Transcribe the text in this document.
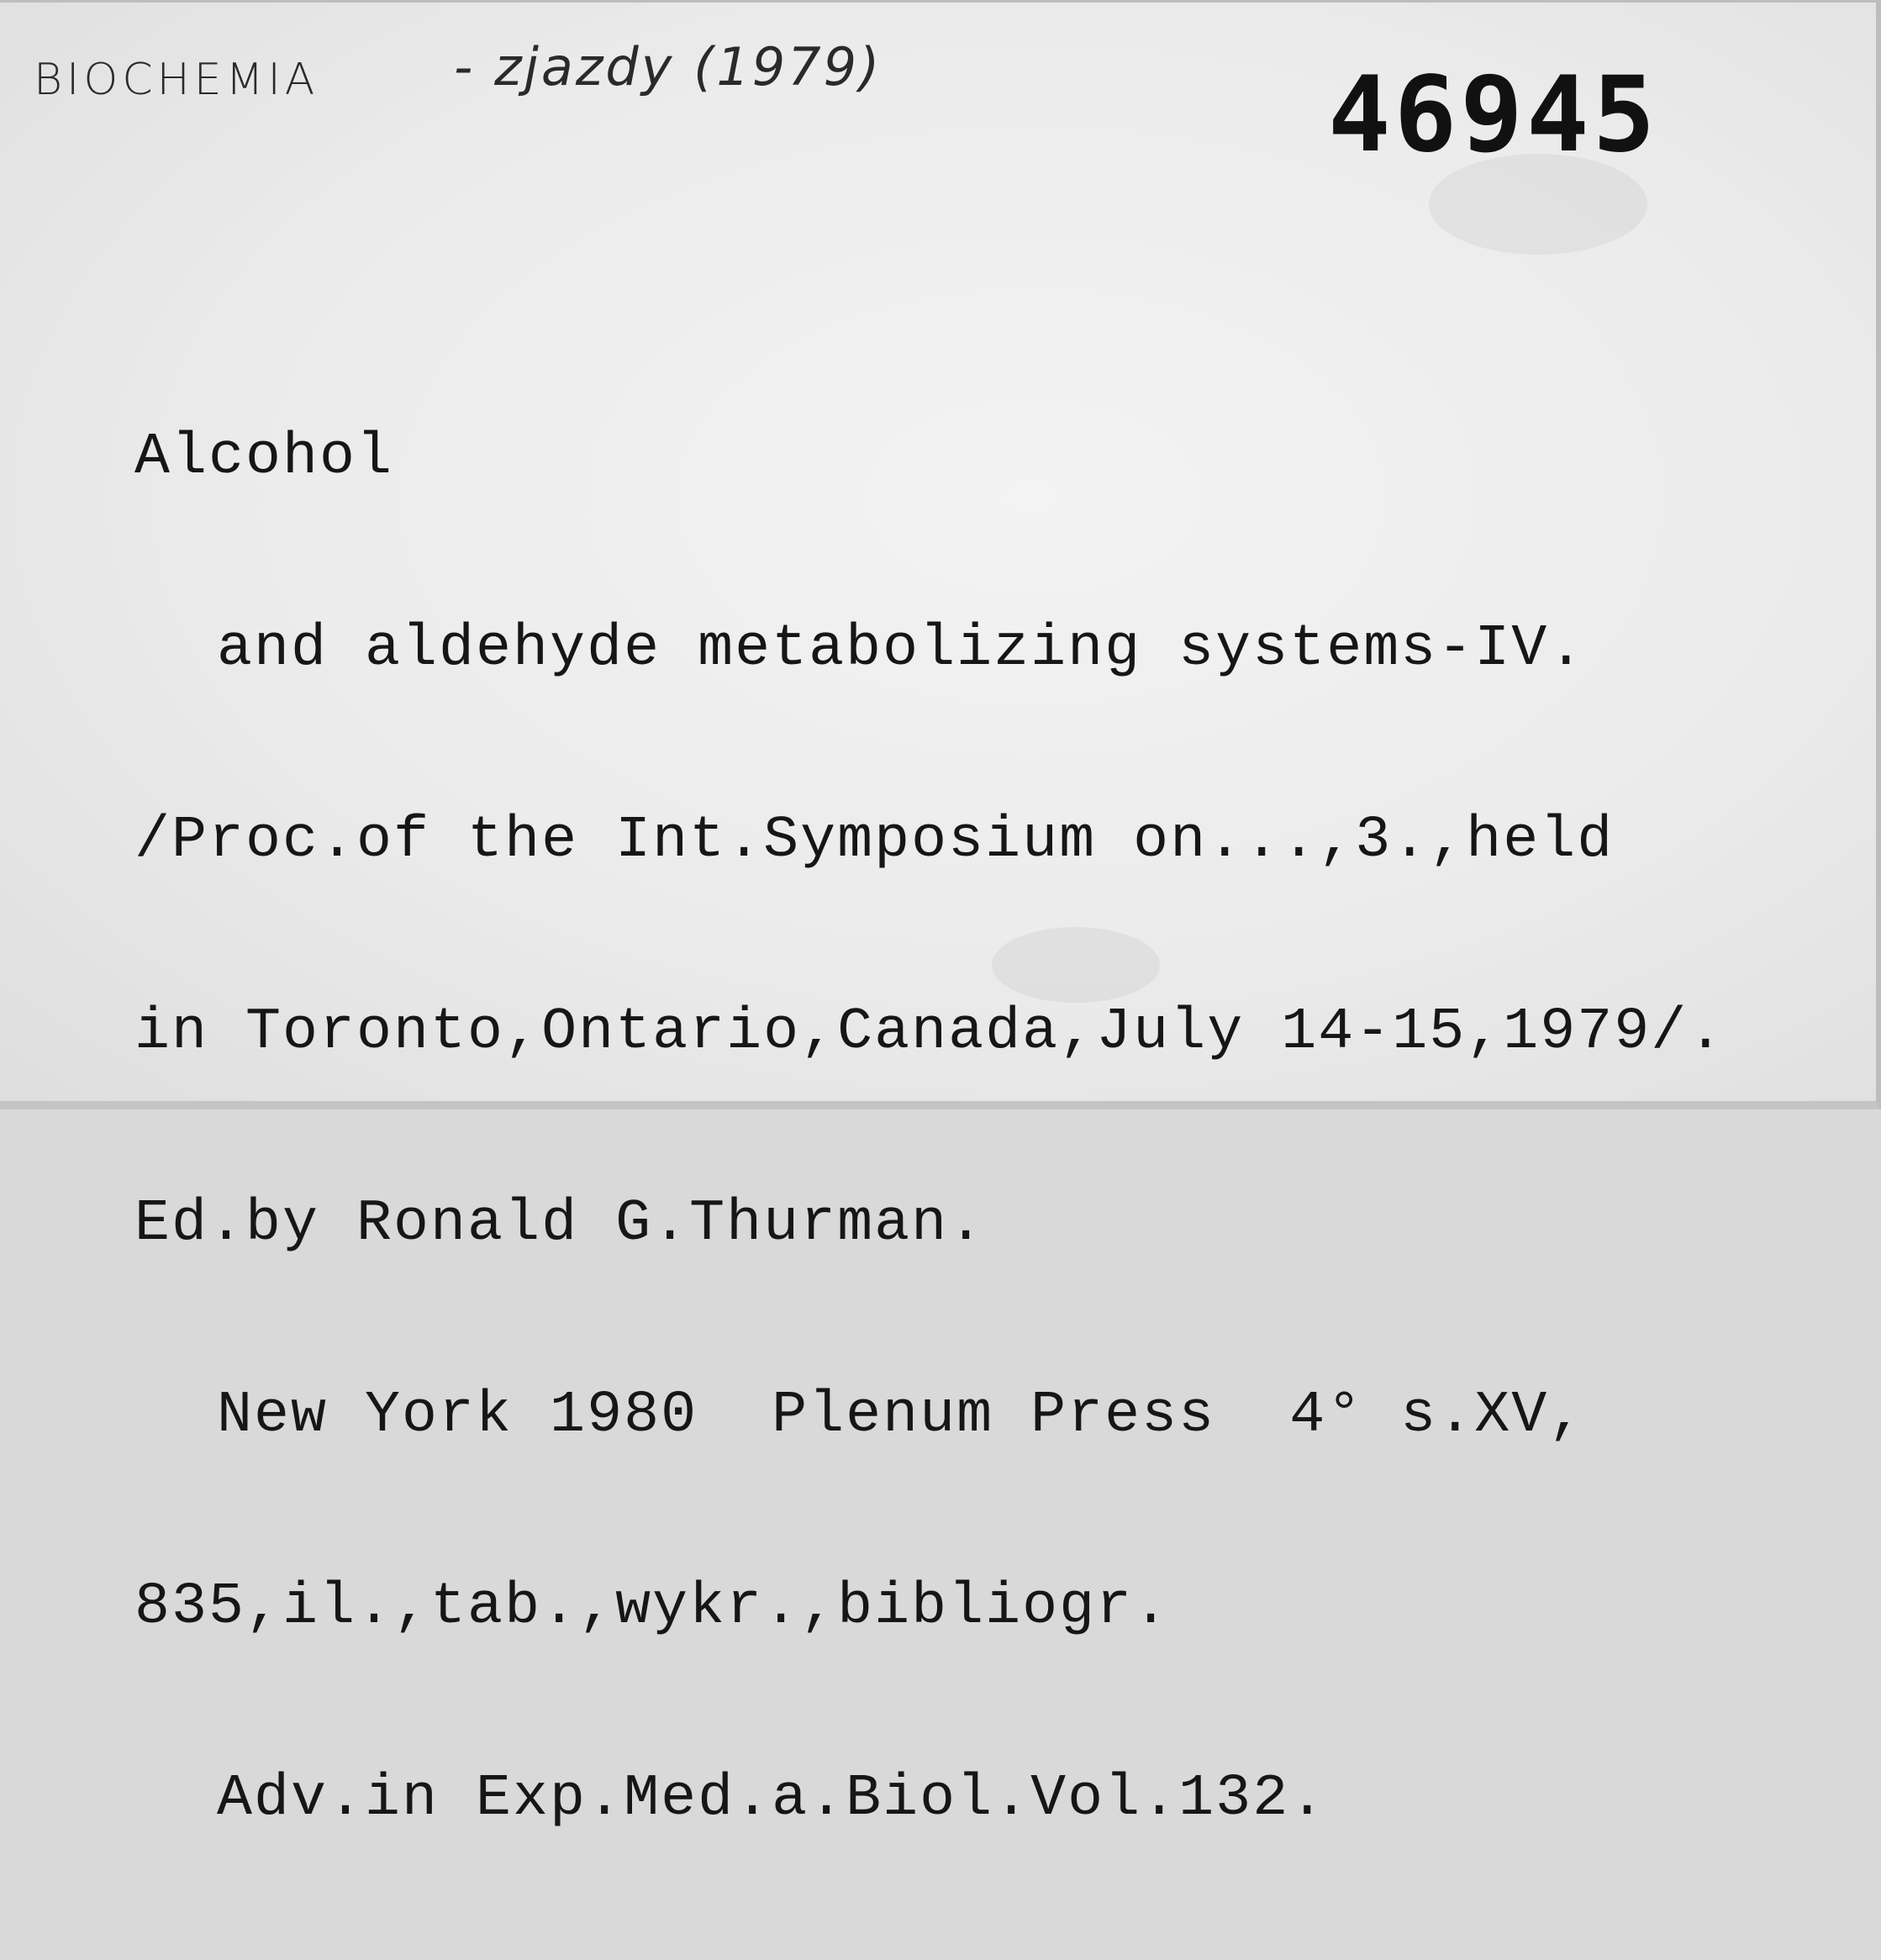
BIOCHEMIA	- zjazdy (1979)	46945

Alcohol

and aldehyde metabolizing systems-IV.

/Proc.of the Int.Symposium on...,3.,held

in Toronto,Ontario,Canada,July 14-15,1979/.

Ed.by Ronald G.Thurman.

New York 1980  Plenum Press  4° s.XV,

835,il.,tab.,wykr.,bibliogr.

Adv.in Exp.Med.a.Biol.Vol.132.
